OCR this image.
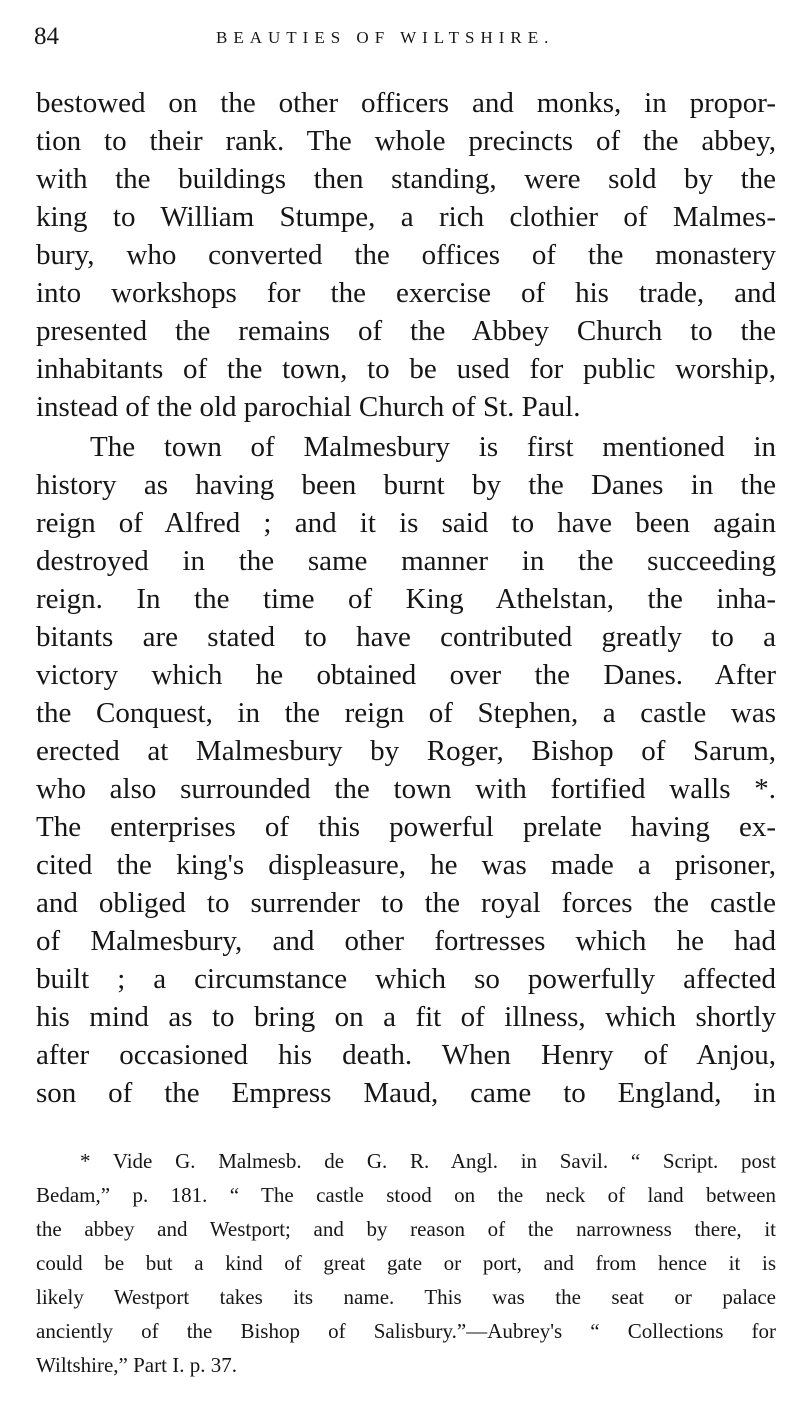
84	BEAUTIES OF WILTSHIRE.
bestowed on the other officers and monks, in propor-
tion to their rank. The whole precincts of the abbey,
with the buildings then standing, were sold by the
king to William Stumpe, a rich clothier of Malmes-
bury, who converted the offices of the monastery
into workshops for the exercise of his trade, and
presented the remains of the Abbey Church to the
inhabitants of the town, to be used for public worship,
instead of the old parochial Church of St. Paul.
The town of Malmesbury is first mentioned in
history as having been burnt by the Danes in the
reign of Alfred ; and it is said to have been again
destroyed in the same manner in the succeeding
reign. In the time of King Athelstan, the inha-
bitants are stated to have contributed greatly to a
victory which he obtained over the Danes. After
the Conquest, in the reign of Stephen, a castle was
erected at Malmesbury by Roger, Bishop of Sarum,
who also surrounded the town with fortified walls *.
The enterprises of this powerful prelate having ex-
cited the king's displeasure, he was made a prisoner,
and obliged to surrender to the royal forces the castle
of Malmesbury, and other fortresses which he had
built ; a circumstance which so powerfully affected
his mind as to bring on a fit of illness, which shortly
after occasioned his death. When Henry of Anjou,
son of the Empress Maud, came to England, in
* Vide G. Malmesb. de G. R. Angl. in Savil. “ Script. post
Bedam,” p. 181. “ The castle stood on the neck of land between
the abbey and Westport; and by reason of the narrowness there, it
could be but a kind of great gate or port, and from hence it is
likely Westport takes its name. This was the seat or palace
anciently of the Bishop of Salisbury.”—Aubrey's “ Collections for
Wiltshire,” Part I. p. 37.
